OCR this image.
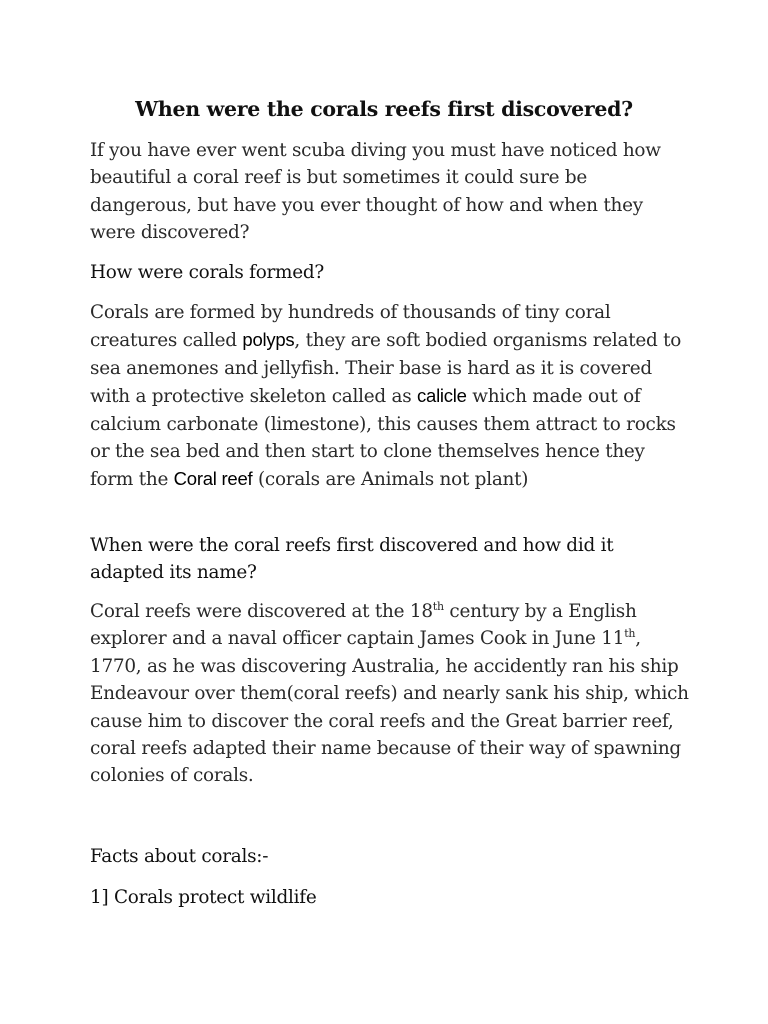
When were the corals reefs first discovered?

If you have ever went scuba diving you must have noticed how beautiful a coral reef is but sometimes it could sure be dangerous, but have you ever thought of how and when they were discovered?

How were corals formed?

Corals are formed by hundreds of thousands of tiny coral creatures called polyps, they are soft bodied organisms related to sea anemones and jellyfish. Their base is hard as it is covered with a protective skeleton called as calicle which made out of calcium carbonate (limestone), this causes them attract to rocks or the sea bed and then start to clone themselves hence they form the Coral reef (corals are Animals not plant)

When were the coral reefs first discovered and how did it adapted its name?

Coral reefs were discovered at the 18th century by a English explorer and a naval officer captain James Cook in June 11th, 1770, as he was discovering Australia, he accidently ran his ship Endeavour over them(coral reefs) and nearly sank his ship, which cause him to discover the coral reefs and the Great barrier reef, coral reefs adapted their name because of their way of spawning colonies of corals.

Facts about corals:-

1] Corals protect wildlife
